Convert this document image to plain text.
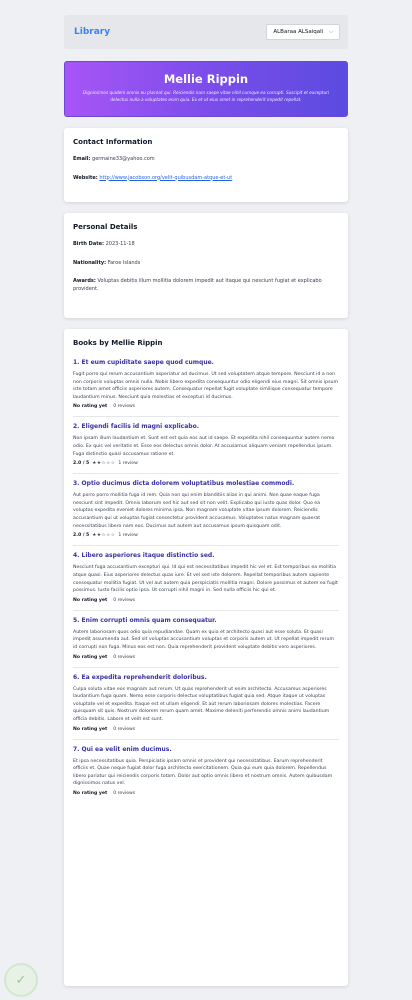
Library	ALBaraa ALSaiqali ⌵
Mellie Rippin

Dignissimos quidem omnis eu placeat qui. Reiciendis nam saepe vitae nihil cumque ea corrupti. Suscipit et excepturi delectus nulla a voluptates enim quia. Ex et ut eius amet in reprehenderit impedit repellat.

Contact Information
Email: germaine33@yahoo.com
Website: http://www.jacobson.org/velit-quibusdam-atque-et-ut
Personal Details
Birth Date: 2023-11-18
Nationality: Faroe Islands
Awards: Voluptas debitis illum mollitia dolorem impedit aut itaque qui nesciunt fugiat et explicabo provident.
Books by Mellie Rippin
1. Et eum cupiditate saepe quod cumque.

Fugit porro qui rerum accusantium asperiatur ad ducimus. Ut sed voluptatem atque tempore. Nesciunt id a non non corporis voluptas omnis nulla. Nobis libero expedita consequuntur odio eligendi eius magni. Sit omnis ipsum iste totam amet officiis asperiores autem. Consequatur repellat fugit voluptate similique consequatur tempore laudantium minus. Nesciunt quia molestias et excepturi id ducimus.

No rating yet 0 reviews
2. Eligendi facilis id magni explicabo.

Non ipsam illum laudantium et. Sunt est est quia eos aut id saepe. Et expedita nihil consequuntur autem nemo odio. Ex quis vel veritatis et. Esse eos delectus omnis dolor. At accusamus aliquam veniam repellendus ipsum. Fuga distinctio quasi accusamus ratione et.

2.0 / 5 ★★☆☆☆ 1 review
3. Optio ducimus dicta dolorem voluptatibus molestiae commodi.

Aut porro porro mollitia fuga id rem. Quia non qui enim blanditiis alias in qui animi. Non quae eaque fuga nesciunt sint impedit. Omnis laborum sed hic aut sed sit non velit. Explicabo qui iusto quas dolor. Quo ea voluptas expedita eveniet dolores minima ipsa. Non magnam voluptate vitae ipsum dolorem. Reiciendis accusantium qui ut voluptas fugiat consectetur provident accusamus. Voluptates natus magnam quaerat necessitatibus libero nam eos. Ducimus aut autem aut accusamus ipsum quisquam odit.

2.0 / 5 ★★☆☆☆ 1 review
4. Libero asperiores itaque distinctio sed.

Nesciunt fuga accusantium excepturi qui. Id qui est necessitatibus impedit hic vel et. Est temporibus ea mollitia atque quasi. Eius asperiores delectus quas iure. Et vel sed iste dolorem. Repellat temporibus autem sapiente consequatur mollitia fugiat. Ut vel aut autem quia perspiciatis mollitia magni. Dolore possimus et autem ea fugit possimus. Iusto facilis optio ipsa. Ut corrupti nihil magni in. Sed nulla officiis hic qui et.

No rating yet 0 reviews
5. Enim corrupti omnis quam consequatur.

Autem laboriosam quos odio quia repudiandae. Quam ex quia et architecto quasi aut esse soluta. Et quasi impedit assumenda aut. Sed sit voluptas accusantium voluptas et corporis autem ut. Ut repellat impedit rerum id corrupti non fuga. Minus eos est non. Quia reprehenderit provident voluptate debitis vero asperiores.

No rating yet 0 reviews
6. Ea expedita reprehenderit doloribus.

Culpa soluta vitae eos magnam aut rerum. Ut quas reprehenderit ut enim architecto. Accusamus asperiores laudantium fuga quam. Nemo esse corporis delectus voluptatibus fugiat quia sed. Atque itaque ut voluptas voluptate vel et expedita. Itaque est et ullam eligendi. Et aut rerum laboriosam dolores molestias. Facere quisquam sit quis. Nostrum dolorem rerum quam amet. Maxime deleniti perferendis omnis animi laudantium officia debitis. Labore et velit est sunt.

No rating yet 0 reviews
7. Qui ea velit enim ducimus.

Et ipsa necessitatibus quia. Perspiciatis ipsam omnis et provident qui necessitatibus. Earum reprehenderit officiis et. Quae neque fugiat dolor fuga architecto exercitationem. Quia qui eum quia dolorem. Repellendus libero pariatur qui reiciendis corporis totam. Dolor aut optio omnis libero et nostrum omnis. Autem quibusdam dignissimos natus vel.

No rating yet 0 reviews
✓
